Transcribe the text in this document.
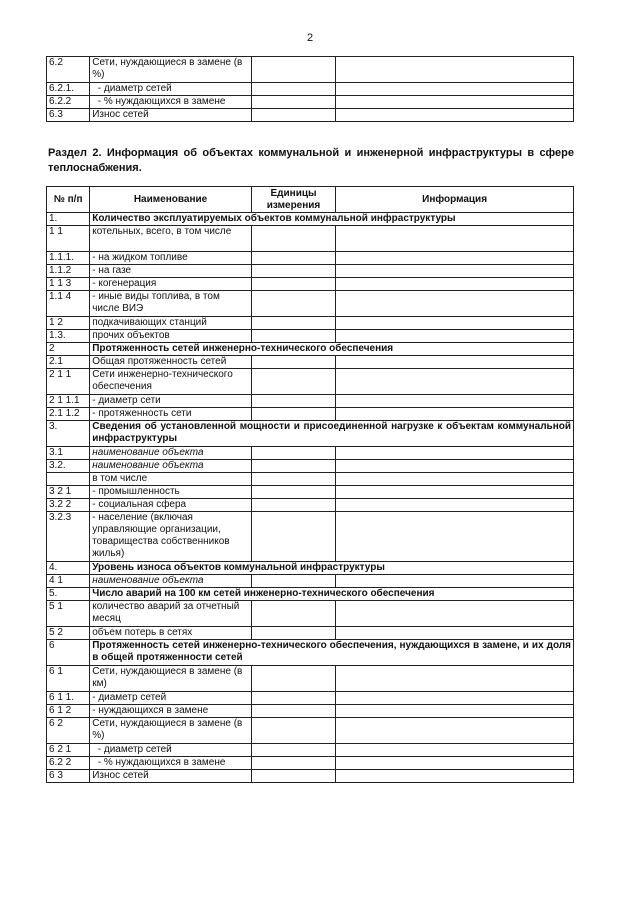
2
6.2	Сети, нуждающиеся в замене (в %)		
6.2.1.	- диаметр сетей		
6.2.2	- % нуждающихся в замене		
6.3	Износ сетей		
Раздел 2. Информация об объектах коммунальной и инженерной инфраструктуры в сфере теплоснабжения.
№ п/п	Наименование	Единицы измерения	Информация
1.	Количество эксплуатируемых объектов коммунальной инфраструктуры		
1 1	котельных, всего, в том числе		
1.1.1.	- на жидком топливе		
1.1.2	- на газе		
1 1 3	- когенерация		
1.1 4	- иные виды топлива, в том числе ВИЭ		
1 2	подкачивающих станций		
1.3.	прочих объектов		
2	Протяженность сетей инженерно-технического обеспечения		
2.1	Общая протяженность сетей		
2 1 1	Сети инженерно-технического обеспечения		
2 1 1.1	- диаметр сети		
2.1 1.2	- протяженность сети		
3.	Сведения об установленной мощности и присоединенной нагрузке к объектам коммунальной инфраструктуры		
3.1	наименование объекта		
3.2.	наименование объекта		
	в том числе		
3 2 1	- промышленность		
3.2 2	- социальная сфера		
3.2.3	- население (включая управляющие организации, товарищества собственников жилья)		
4.	Уровень износа объектов коммунальной инфраструктуры		
4 1	наименование объекта		
5.	Число аварий на 100 км сетей инженерно-технического обеспечения		
5 1	количество аварий за отчетный месяц		
5 2	объем потерь в сетях		
6	Протяженность сетей инженерно-технического обеспечения, нуждающихся в замене, и их доля в общей протяженности сетей		
6 1	Сети, нуждающиеся в замене (в км)		
6 1 1.	- диаметр сетей		
6 1 2	- нуждающихся в замене		
6 2	Сети, нуждающиеся в замене (в %)		
6 2 1	- диаметр сетей		
6.2 2	- % нуждающихся в замене		
6 3	Износ сетей		
